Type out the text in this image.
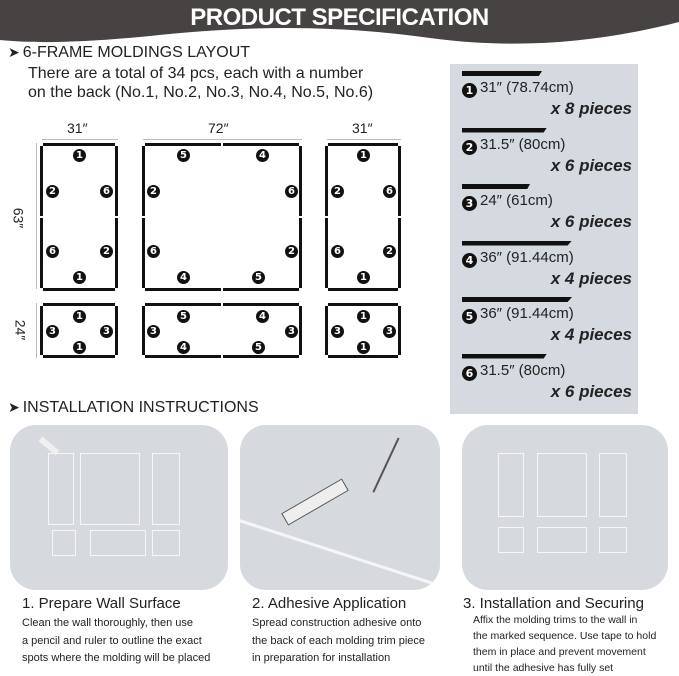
PRODUCT SPECIFICATION
➤ 6-FRAME MOLDINGS LAYOUT
There are a total of 34 pcs, each with a number
on the back (No.1, No.2, No.3, No.4, No.5, No.6)
1
2	6
6	2
1
1
3	3
1
1
2	6
6	2
1
1
3	3
1
5	4
2	6
6	2
4	5
5	4
3	3
4	5
31″	72″	31″
63″
24″
1 31″ (78.74cm)
x 8 pieces
2 31.5″ (80cm)
x 6 pieces
3 24″ (61cm)
x 6 pieces
4 36″ (91.44cm)
x 4 pieces
5 36″ (91.44cm)
x 4 pieces
6 31.5″ (80cm)
x 6 pieces
➤ INSTALLATION INSTRUCTIONS
1. Prepare Wall Surface
Clean the wall thoroughly, then use
a pencil and ruler to outline the exact
spots where the molding will be placed
2. Adhesive Application
Spread construction adhesive onto
the back of each molding trim piece
in preparation for installation
3. Installation and Securing
Affix the molding trims to the wall in
the marked sequence. Use tape to hold
them in place and prevent movement
until the adhesive has fully set
